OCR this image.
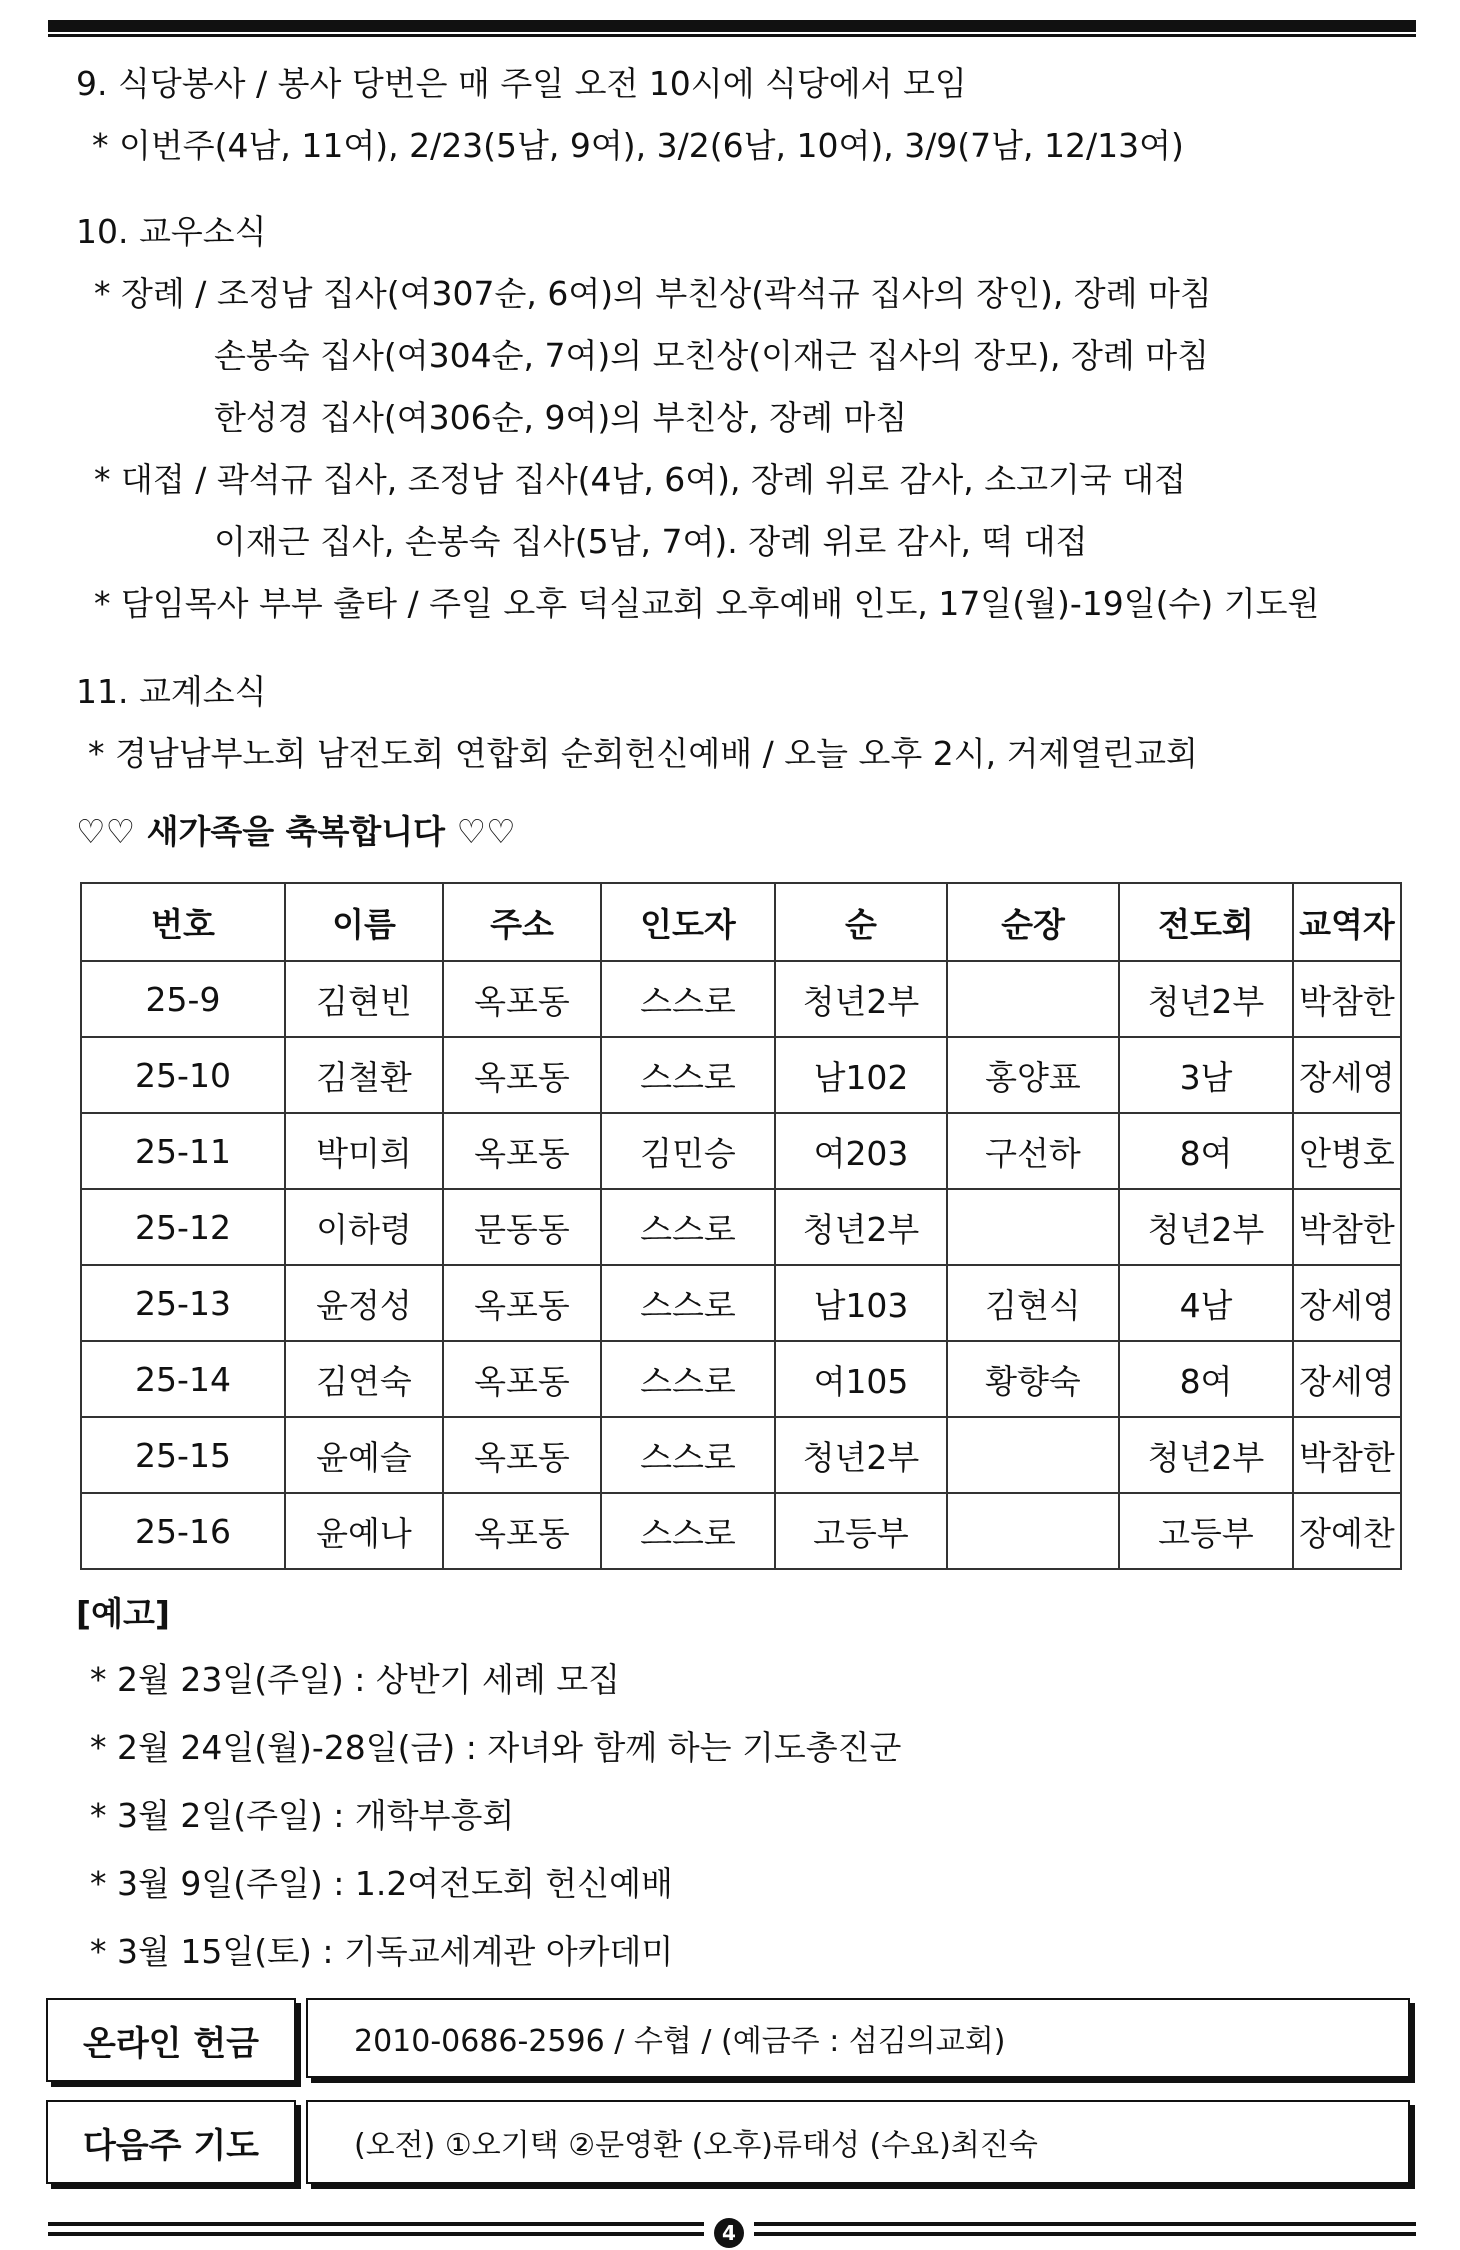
9. 식당봉사 / 봉사 당번은 매 주일 오전 10시에 식당에서 모임
* 이번주(4남, 11여), 2/23(5남, 9여), 3/2(6남, 10여), 3/9(7남, 12/13여)
10. 교우소식
* 장례 / 조정남 집사(여307순, 6여)의 부친상(곽석규 집사의 장인), 장례 마침
손봉숙 집사(여304순, 7여)의 모친상(이재근 집사의 장모), 장례 마침
한성경 집사(여306순, 9여)의 부친상, 장례 마침
* 대접 / 곽석규 집사, 조정남 집사(4남, 6여), 장례 위로 감사, 소고기국 대접
이재근 집사, 손봉숙 집사(5남, 7여). 장례 위로 감사, 떡 대접
* 담임목사 부부 출타 / 주일 오후 덕실교회 오후예배 인도, 17일(월)-19일(수) 기도원
11. 교계소식
* 경남남부노회 남전도회 연합회 순회헌신예배 / 오늘 오후 2시, 거제열린교회
♡♡ 새가족을 축복합니다 ♡♡
번호	이름	주소	인도자	순	순장	전도회	교역자
25-9	김현빈	옥포동	스스로	청년2부		청년2부	박참한
25-10	김철환	옥포동	스스로	남102	홍양표	3남	장세영
25-11	박미희	옥포동	김민승	여203	구선하	8여	안병호
25-12	이하령	문동동	스스로	청년2부		청년2부	박참한
25-13	윤정성	옥포동	스스로	남103	김현식	4남	장세영
25-14	김연숙	옥포동	스스로	여105	황향숙	8여	장세영
25-15	윤예슬	옥포동	스스로	청년2부		청년2부	박참한
25-16	윤예나	옥포동	스스로	고등부		고등부	장예찬
[예고]
* 2월 23일(주일) : 상반기 세례 모집
* 2월 24일(월)-28일(금) : 자녀와 함께 하는 기도총진군
* 3월 2일(주일) : 개학부흥회
* 3월 9일(주일) : 1.2여전도회 헌신예배
* 3월 15일(토) : 기독교세계관 아카데미
온라인 헌금	2010-0686-2596 / 수협 / (예금주 : 섬김의교회)
다음주 기도	(오전) ①오기택 ②문영환 (오후)류태성 (수요)최진숙
4
